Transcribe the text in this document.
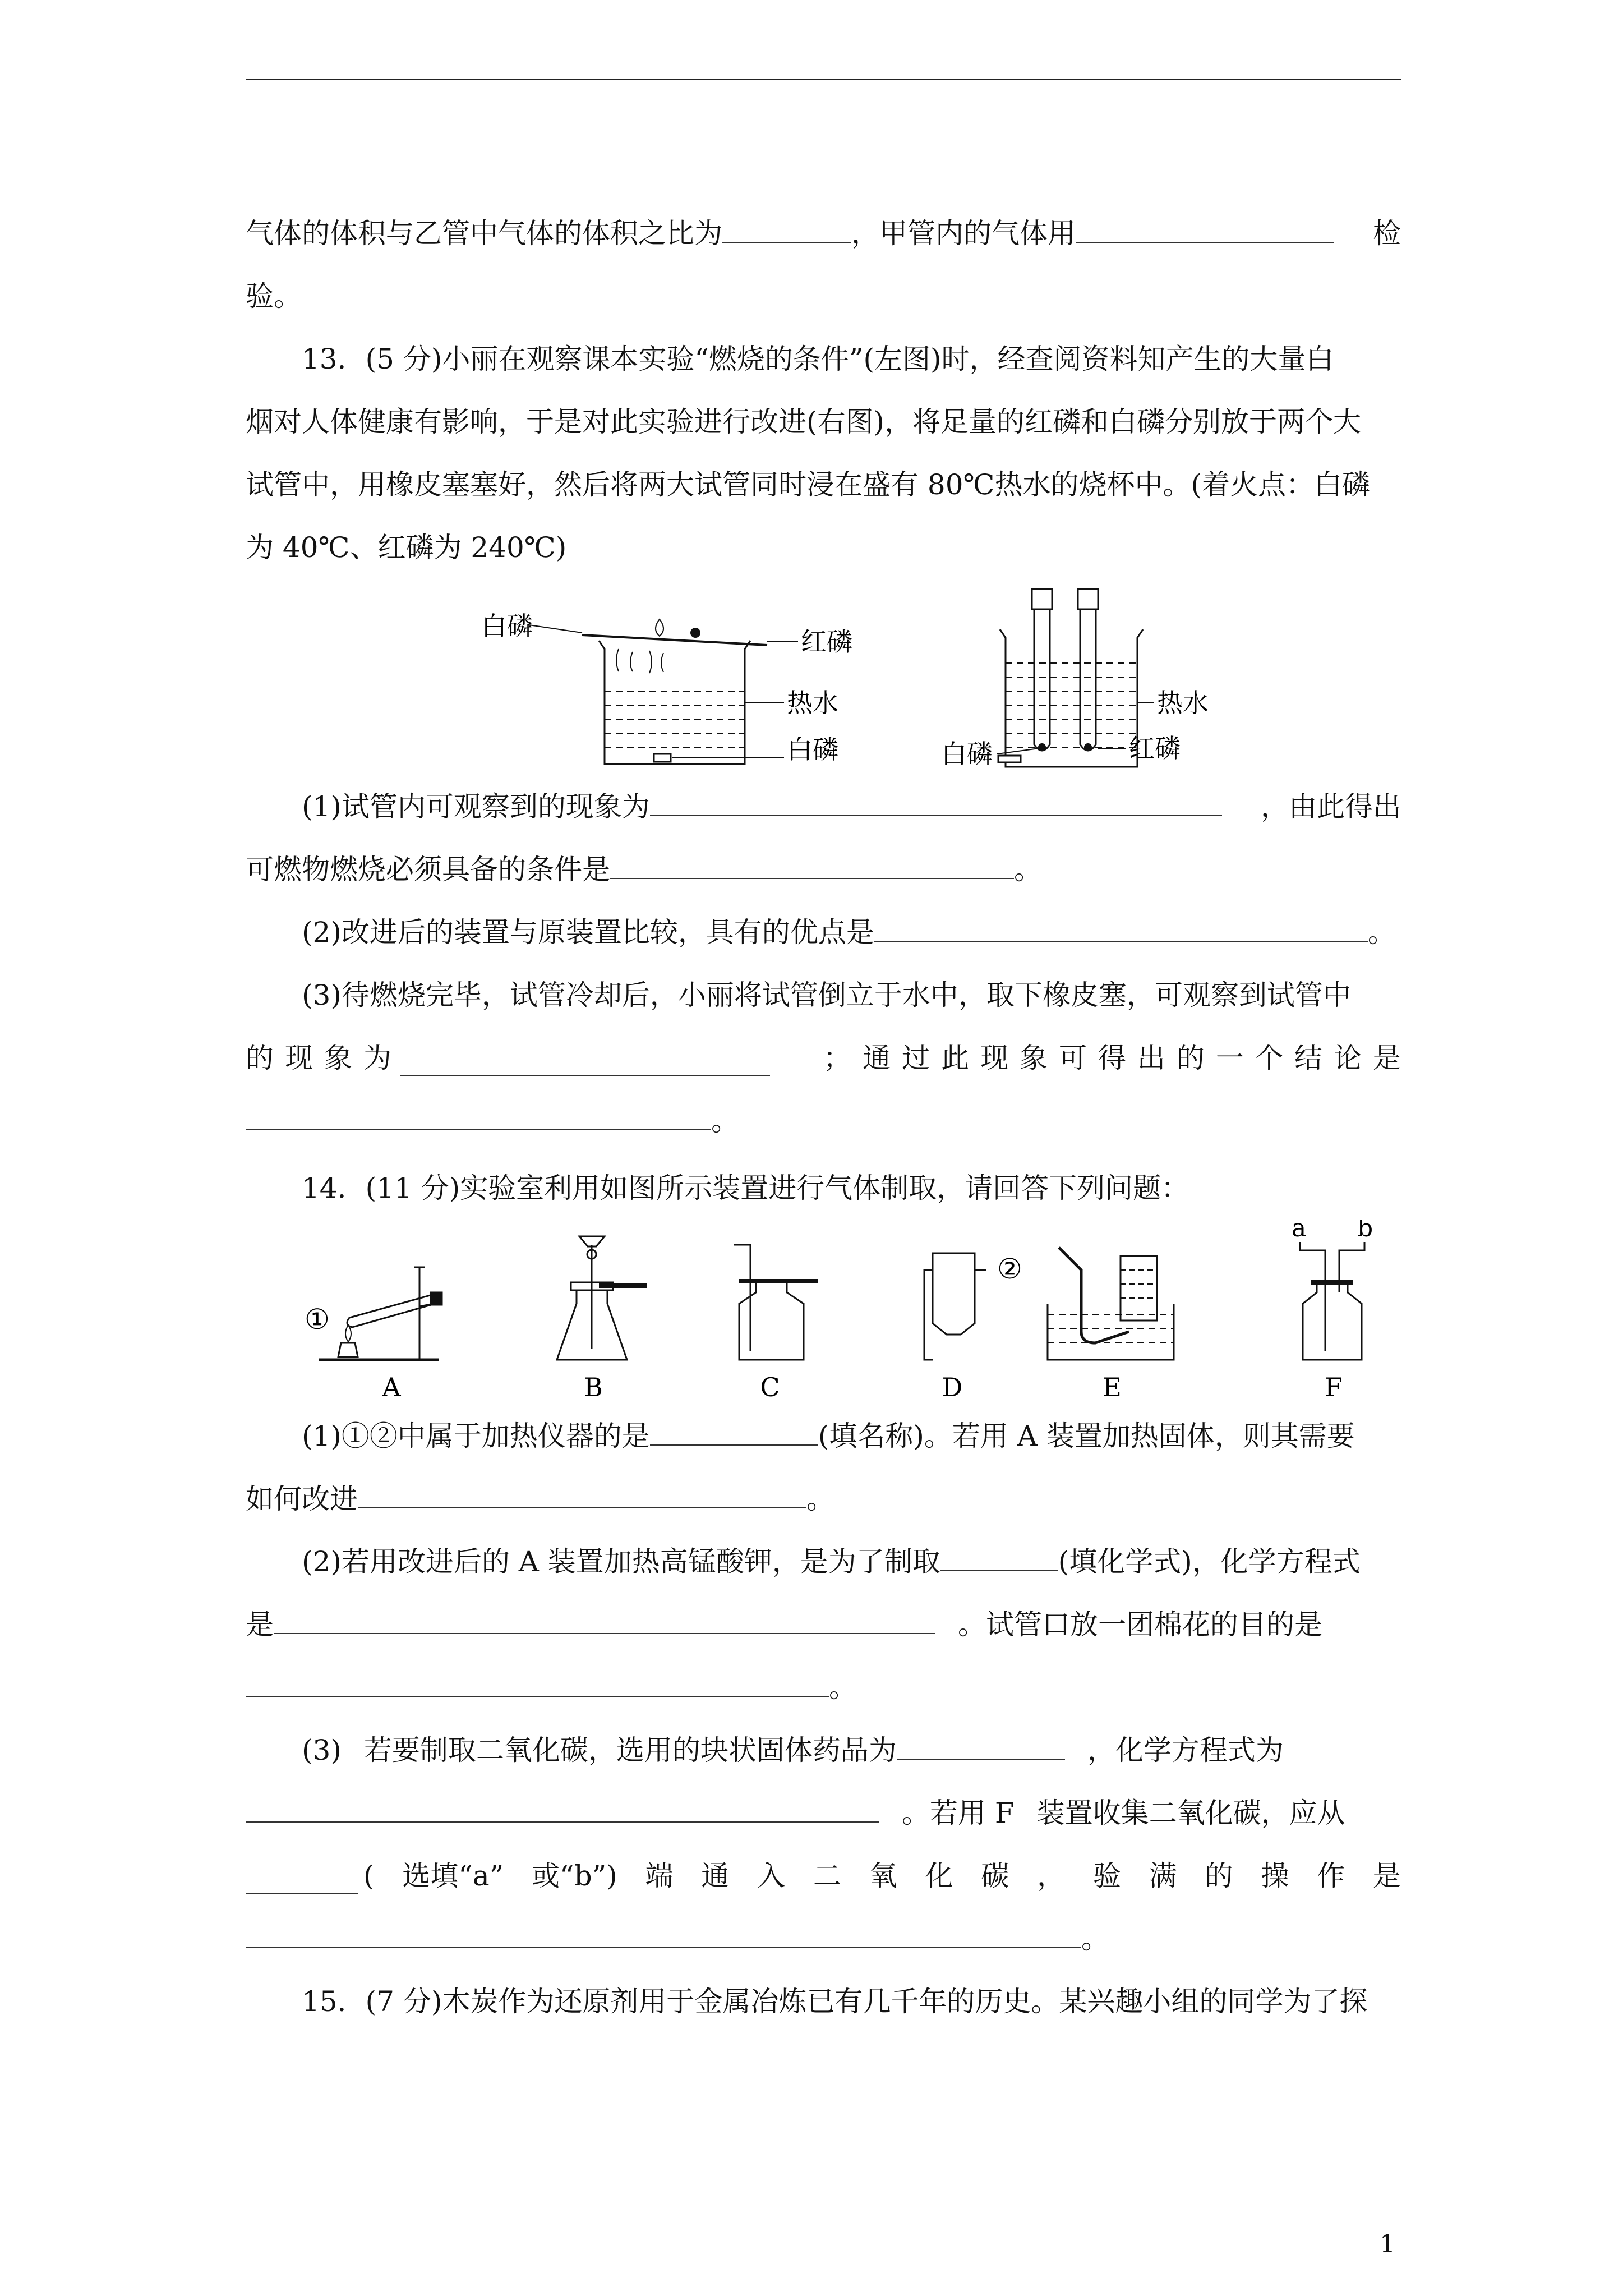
气体的体积与乙管中气体的体积之比为	，甲管内的气体用	检
验。
13．(5 分)小丽在观察课本实验“燃烧的条件”(左图)时，经查阅资料知产生的大量白
烟对人体健康有影响，于是对此实验进行改进(右图)，将足量的红磷和白磷分别放于两个大
试管中，用橡皮塞塞好，然后将两大试管同时浸在盛有 80℃热水的烧杯中。(着火点：白磷
为 40℃、红磷为 240℃)
白磷
红磷
热水
白磷
热水
红磷
白磷
(1)试管内可观察到的现象为	，由此得出
可燃物燃烧必须具备的条件是	。
(2)改进后的装置与原装置比较，具有的优点是	。
(3)待燃烧完毕，试管冷却后，小丽将试管倒立于水中，取下橡皮塞，可观察到试管中
的 现 象 为	； 通 过 此 现 象 可 得 出 的 一 个 结 论 是
。
14．(11 分)实验室利用如图所示装置进行气体制取，请回答下列问题：
①
②
a b
A	B	C	D	E	F
(1)①②中属于加热仪器的是	(填名称)。若用 A 装置加热固体，则其需要
如何改进	。
(2)若用改进后的 A 装置加热高锰酸钾，是为了制取	(填化学式)，化学方程式
是	。试管口放一团棉花的目的是
。
(3) 若要制取二氧化碳，选用的块状固体药品为	，化学方程式为
。若用 F 装置收集二氧化碳，应从
( 选填“a” 或“b”) 端 通 入 二 氧 化 碳 ， 验 满 的 操 作 是
。
15．(7 分)木炭作为还原剂用于金属冶炼已有几千年的历史。某兴趣小组的同学为了探
1
